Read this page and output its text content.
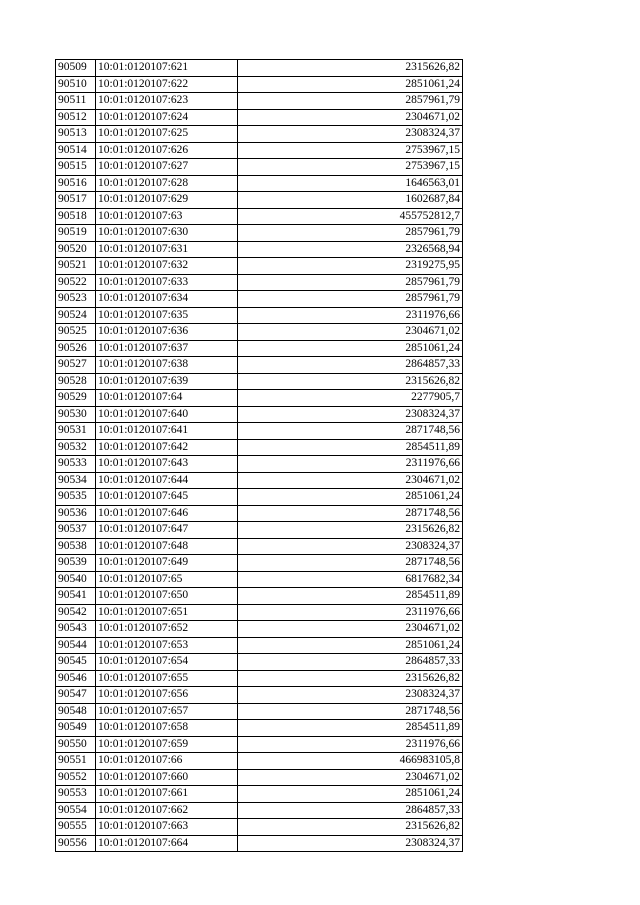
90509	10:01:0120107:621	2315626,82
90510	10:01:0120107:622	2851061,24
90511	10:01:0120107:623	2857961,79
90512	10:01:0120107:624	2304671,02
90513	10:01:0120107:625	2308324,37
90514	10:01:0120107:626	2753967,15
90515	10:01:0120107:627	2753967,15
90516	10:01:0120107:628	1646563,01
90517	10:01:0120107:629	1602687,84
90518	10:01:0120107:63	455752812,7
90519	10:01:0120107:630	2857961,79
90520	10:01:0120107:631	2326568,94
90521	10:01:0120107:632	2319275,95
90522	10:01:0120107:633	2857961,79
90523	10:01:0120107:634	2857961,79
90524	10:01:0120107:635	2311976,66
90525	10:01:0120107:636	2304671,02
90526	10:01:0120107:637	2851061,24
90527	10:01:0120107:638	2864857,33
90528	10:01:0120107:639	2315626,82
90529	10:01:0120107:64	2277905,7
90530	10:01:0120107:640	2308324,37
90531	10:01:0120107:641	2871748,56
90532	10:01:0120107:642	2854511,89
90533	10:01:0120107:643	2311976,66
90534	10:01:0120107:644	2304671,02
90535	10:01:0120107:645	2851061,24
90536	10:01:0120107:646	2871748,56
90537	10:01:0120107:647	2315626,82
90538	10:01:0120107:648	2308324,37
90539	10:01:0120107:649	2871748,56
90540	10:01:0120107:65	6817682,34
90541	10:01:0120107:650	2854511,89
90542	10:01:0120107:651	2311976,66
90543	10:01:0120107:652	2304671,02
90544	10:01:0120107:653	2851061,24
90545	10:01:0120107:654	2864857,33
90546	10:01:0120107:655	2315626,82
90547	10:01:0120107:656	2308324,37
90548	10:01:0120107:657	2871748,56
90549	10:01:0120107:658	2854511,89
90550	10:01:0120107:659	2311976,66
90551	10:01:0120107:66	466983105,8
90552	10:01:0120107:660	2304671,02
90553	10:01:0120107:661	2851061,24
90554	10:01:0120107:662	2864857,33
90555	10:01:0120107:663	2315626,82
90556	10:01:0120107:664	2308324,37
